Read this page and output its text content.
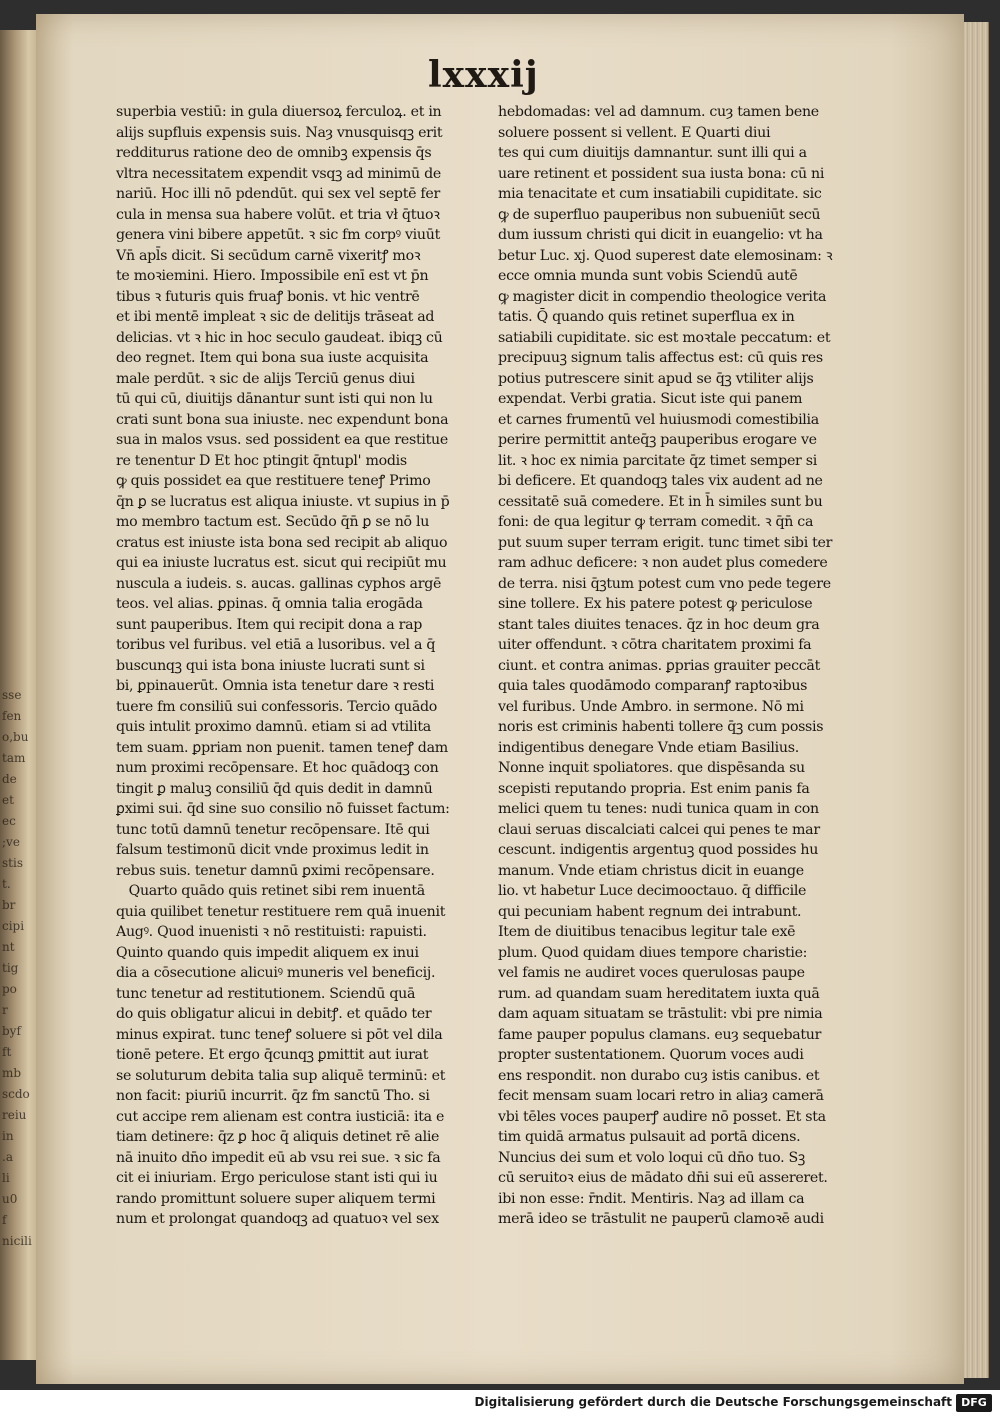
sse
fen
o,bu
tam
de
et
ec
;ve
stis
t.
br
cipi
nt
tig
po
r
byf
ft
mb
scdo
reiu
in
.a
li
u0
f
nicili
lxxxij
superbia vestiū: in gula diuersoꝝ ferculoꝝ. et in
alijs supfluis expensis suis. Naȝ vnusquisqꝫ erit
redditurus ratione deo de omnibꝫ expensis q̄s
vltra necessitatem expendit vsqꝫ ad minimū de
nariū. Hoc illi nō pdendūt. qui sex vel septē fer
cula in mensa sua habere volūt. et tria vł q̄tuoꝛ
genera vini bibere appetūt. ꝛ sic fm corpꝰ viuūt
Vn̄ apl̄s dicit. Si secūdum carnē vixeritꝭ moꝛ
te moꝛiemini. Hiero. Impossibile enī est vt p̄n
tibus ꝛ futuris quis fruaꝭ bonis. vt hic ventrē
et ibi mentē impleat ꝛ sic de delitijs trāseat ad
delicias. vt ꝛ hic in hoc seculo gaudeat. ibiqꝫ cū
deo regnet. Item qui bona sua iuste acquisita
male perdūt. ꝛ sic de alijs Terciū genus diui
tū qui cū, diuitijs dānantur sunt isti qui non lu
crati sunt bona sua iniuste. nec expendunt bona
sua in malos vsus. sed possident ea que restitue
re tenentur D Et hoc ptingit q̄ntupl' modis
ꝙ quis possidet ea que restituere teneꝭ Primo
q̄n ꝑ se lucratus est aliqua iniuste. vt supius in p̄
mo membro tactum est. Secūdo q̄n̄ ꝑ se nō lu
cratus est iniuste ista bona sed recipit ab aliquo
qui ea iniuste lucratus est. sicut qui recipiūt mu
nuscula a iudeis. s. aucas. gallinas cyphos argē
teos. vel alias. ꝑpinas. q̄ omnia talia erogāda
sunt pauperibus. Item qui recipit dona a rap
toribus vel furibus. vel etiā a lusoribus. vel a q̄
buscunqꝫ qui ista bona iniuste lucrati sunt si
bi, ꝑpinauerūt. Omnia ista tenetur dare ꝛ resti
tuere fm consiliū sui confessoris. Tercio quādo
quis intulit proximo damnū. etiam si ad vtilita
tem suam. ꝑpriam non puenit. tamen teneꝭ dam
num proximi recōpensare. Et hoc quādoqꝫ con
tingit ꝑ maluꝫ consiliū q̄d quis dedit in damnū
ꝑximi sui. q̄d sine suo consilio nō fuisset factum:
tunc totū damnū tenetur recōpensare. Itē qui
falsum testimonū dicit vnde proximus ledit in
rebus suis. tenetur damnū ꝑximi recōpensare.
Quarto quādo quis retinet sibi rem inuentā
quia quilibet tenetur restituere rem quā inuenit
Augꝰ. Quod inuenisti ꝛ nō restituisti: rapuisti.
Quinto quando quis impedit aliquem ex inui
dia a cōsecutione alicuiꝰ muneris vel beneficij.
tunc tenetur ad restitutionem. Sciendū quā
do quis obligatur alicui in debitꝭ. et quādo ter
minus expirat. tunc teneꝭ soluere si pōt vel dila
tionē petere. Et ergo q̄cunqꝫ ꝑmittit aut iurat
se soluturum debita talia sup aliquē terminū: et
non facit: piuriū incurrit. q̄z fm sanctū Tho. si
cut accipe rem alienam est contra iusticiā: ita e
tiam detinere: q̄z ꝑ hoc q̄ aliquis detinet rē alie
nā inuito dn̄o impedit eū ab vsu rei sue. ꝛ sic fa
cit ei iniuriam. Ergo periculose stant isti qui iu
rando promittunt soluere super aliquem termi
num et prolongat quandoqꝫ ad quatuoꝛ vel sex
hebdomadas: vel ad damnum. cuȝ tamen bene
soluere possent si vellent. E Quarti diui
tes qui cum diuitijs damnantur. sunt illi qui a
uare retinent et possident sua iusta bona: cū ni
mia tenacitate et cum insatiabili cupiditate. sic
ꝙ de superfluo pauperibus non subueniūt secū
dum iussum christi qui dicit in euangelio: vt ha
betur Luc. xj. Quod superest date elemosinam: ꝛ
ecce omnia munda sunt vobis Sciendū autē
ꝙ magister dicit in compendio theologice verita
tatis. Q̄ quando quis retinet superflua ex in
satiabili cupiditate. sic est moꝛtale peccatum: et
precipuuꝫ signum talis affectus est: cū quis res
potius putrescere sinit apud se q̄ꝫ vtiliter alijs
expendat. Verbi gratia. Sicut iste qui panem
et carnes frumentū vel huiusmodi comestibilia
perire permittit anteq̄ꝫ pauperibus erogare ve
lit. ꝛ hoc ex nimia parcitate q̄z timet semper si
bi deficere. Et quandoqꝫ tales vix audent ad ne
cessitatē suā comedere. Et in h̄ similes sunt bu
foni: de qua legitur ꝙ terram comedit. ꝛ q̄n̄ ca
put suum super terram erigit. tunc timet sibi ter
ram adhuc deficere: ꝛ non audet plus comedere
de terra. nisi q̄ꝫtum potest cum vno pede tegere
sine tollere. Ex his patere potest ꝙ periculose
stant tales diuites tenaces. q̄z in hoc deum gra
uiter offendunt. ꝛ cōtra charitatem proximi fa
ciunt. et contra animas. ꝑprias grauiter peccāt
quia tales quodāmodo comparanꝭ raptoꝛibus
vel furibus. Unde Ambro. in sermone. Nō mi
noris est criminis habenti tollere q̄ꝫ cum possis
indigentibus denegare Vnde etiam Basilius.
Nonne inquit spoliatores. que dispēsanda su
scepisti reputando propria. Est enim panis fa
melici quem tu tenes: nudi tunica quam in con
claui seruas discalciati calcei qui penes te mar
cescunt. indigentis argentuꝫ quod possides hu
manum. Vnde etiam christus dicit in euange
lio. vt habetur Luce decimooctauo. q̄ difficile
qui pecuniam habent regnum dei intrabunt.
Item de diuitibus tenacibus legitur tale exē
plum. Quod quidam diues tempore charistie:
vel famis ne audiret voces querulosas paupe
rum. ad quandam suam hereditatem iuxta quā
dam aquam situatam se trāstulit: vbi pre nimia
fame pauper populus clamans. euȝ sequebatur
propter sustentationem. Quorum voces audi
ens respondit. non durabo cuȝ istis canibus. et
fecit mensam suam locari retro in aliaȝ camerā
vbi tēles voces pauperꝭ audire nō posset. Et sta
tim quidā armatus pulsauit ad portā dicens.
Nuncius dei sum et volo loqui cū dn̄o tuo. Sꝫ
cū seruitoꝛ eius de mādato dn̄i sui eū assereret.
ibi non esse: r̄ndit. Mentiris. Naȝ ad illam ca
merā ideo se trāstulit ne pauperū clamoꝛē audi
Digitalisierung gefördert durch die Deutsche Forschungsgemeinschaft DFG
